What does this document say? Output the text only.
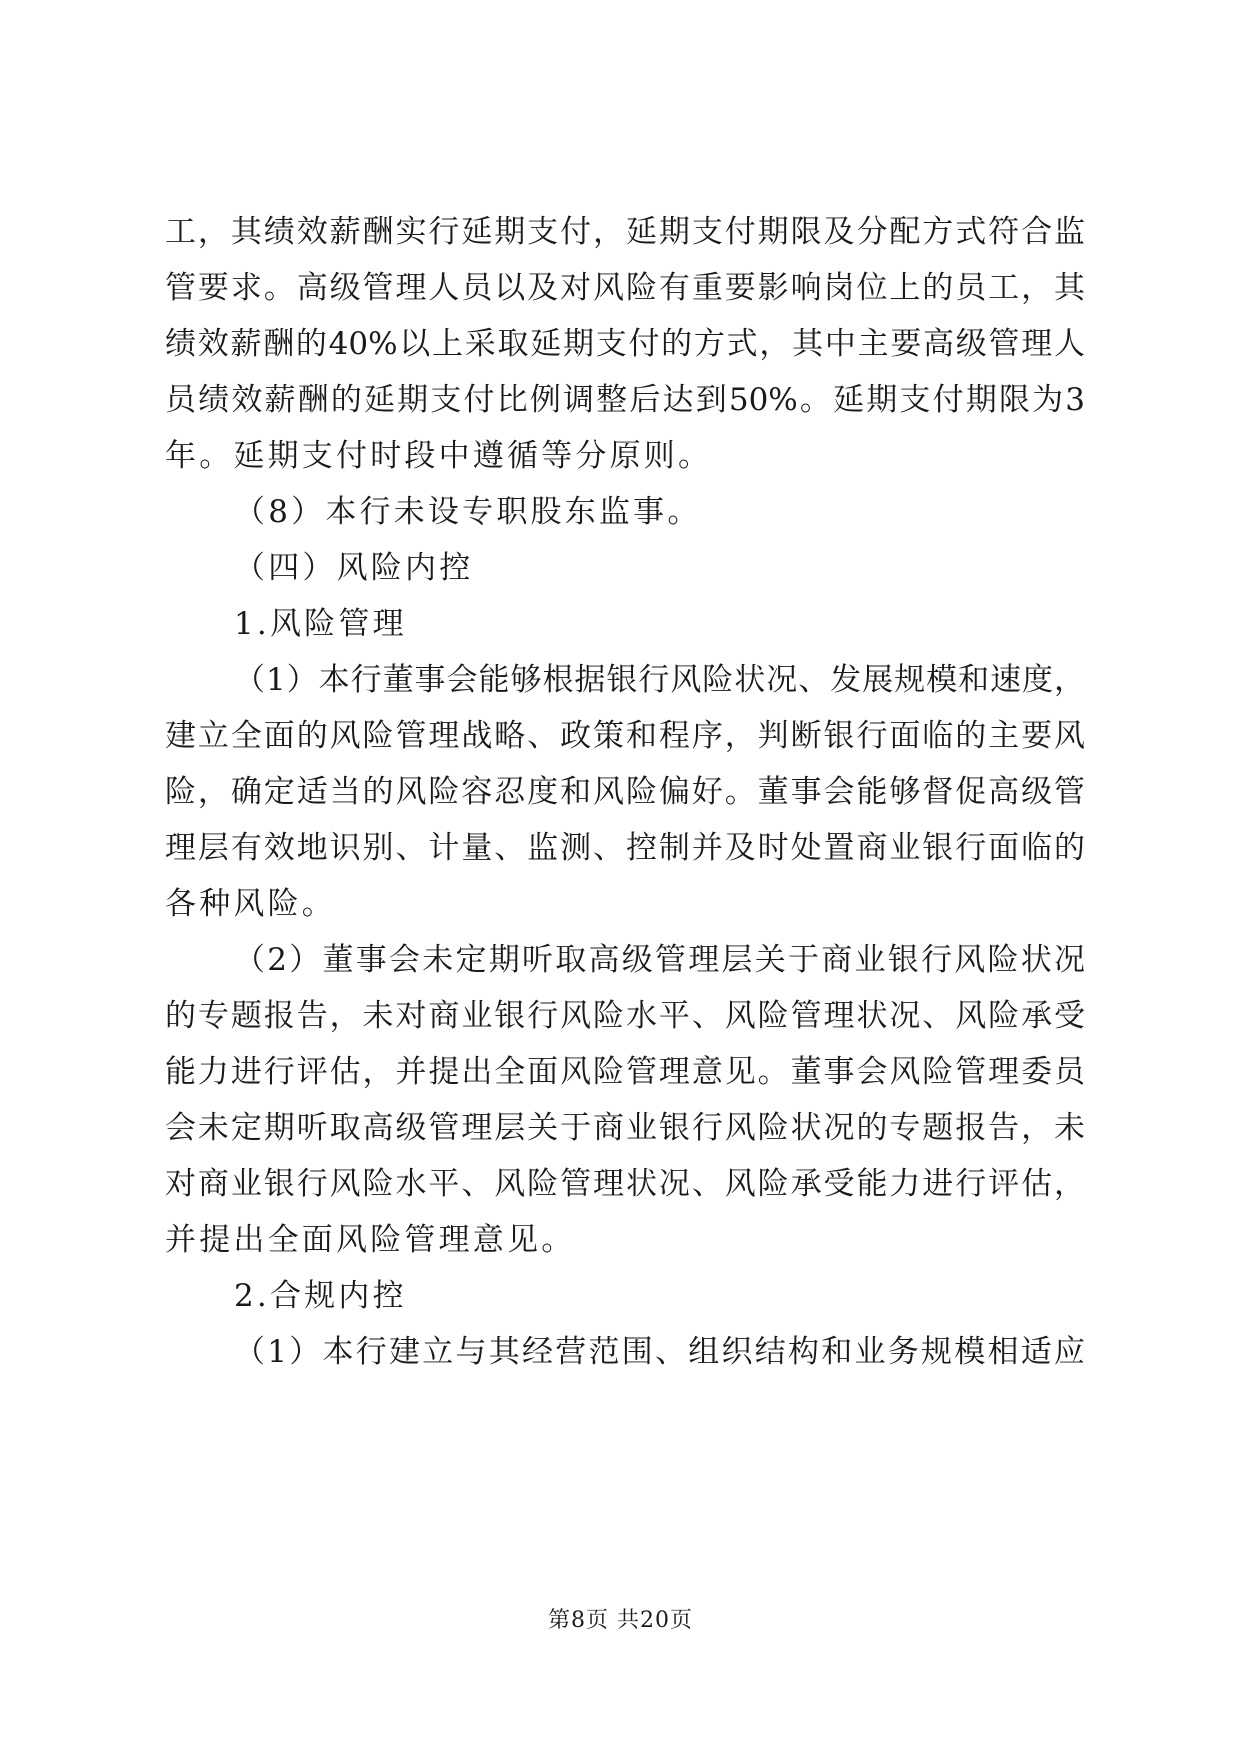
工，其绩效薪酬实行延期支付，延期支付期限及分配方式符合监
管要求。高级管理人员以及对风险有重要影响岗位上的员工，其
绩效薪酬的40%以上采取延期支付的方式，其中主要高级管理人
员绩效薪酬的延期支付比例调整后达到50%。延期支付期限为3
年。延期支付时段中遵循等分原则。
（8）本行未设专职股东监事。
（四）风险内控
1.风险管理
（1）本行董事会能够根据银行风险状况、发展规模和速度，
建立全面的风险管理战略、政策和程序，判断银行面临的主要风
险，确定适当的风险容忍度和风险偏好。董事会能够督促高级管
理层有效地识别、计量、监测、控制并及时处置商业银行面临的
各种风险。
（2）董事会未定期听取高级管理层关于商业银行风险状况
的专题报告，未对商业银行风险水平、风险管理状况、风险承受
能力进行评估，并提出全面风险管理意见。董事会风险管理委员
会未定期听取高级管理层关于商业银行风险状况的专题报告，未
对商业银行风险水平、风险管理状况、风险承受能力进行评估，
并提出全面风险管理意见。
2.合规内控
（1）本行建立与其经营范围、组织结构和业务规模相适应
第8页 共20页
